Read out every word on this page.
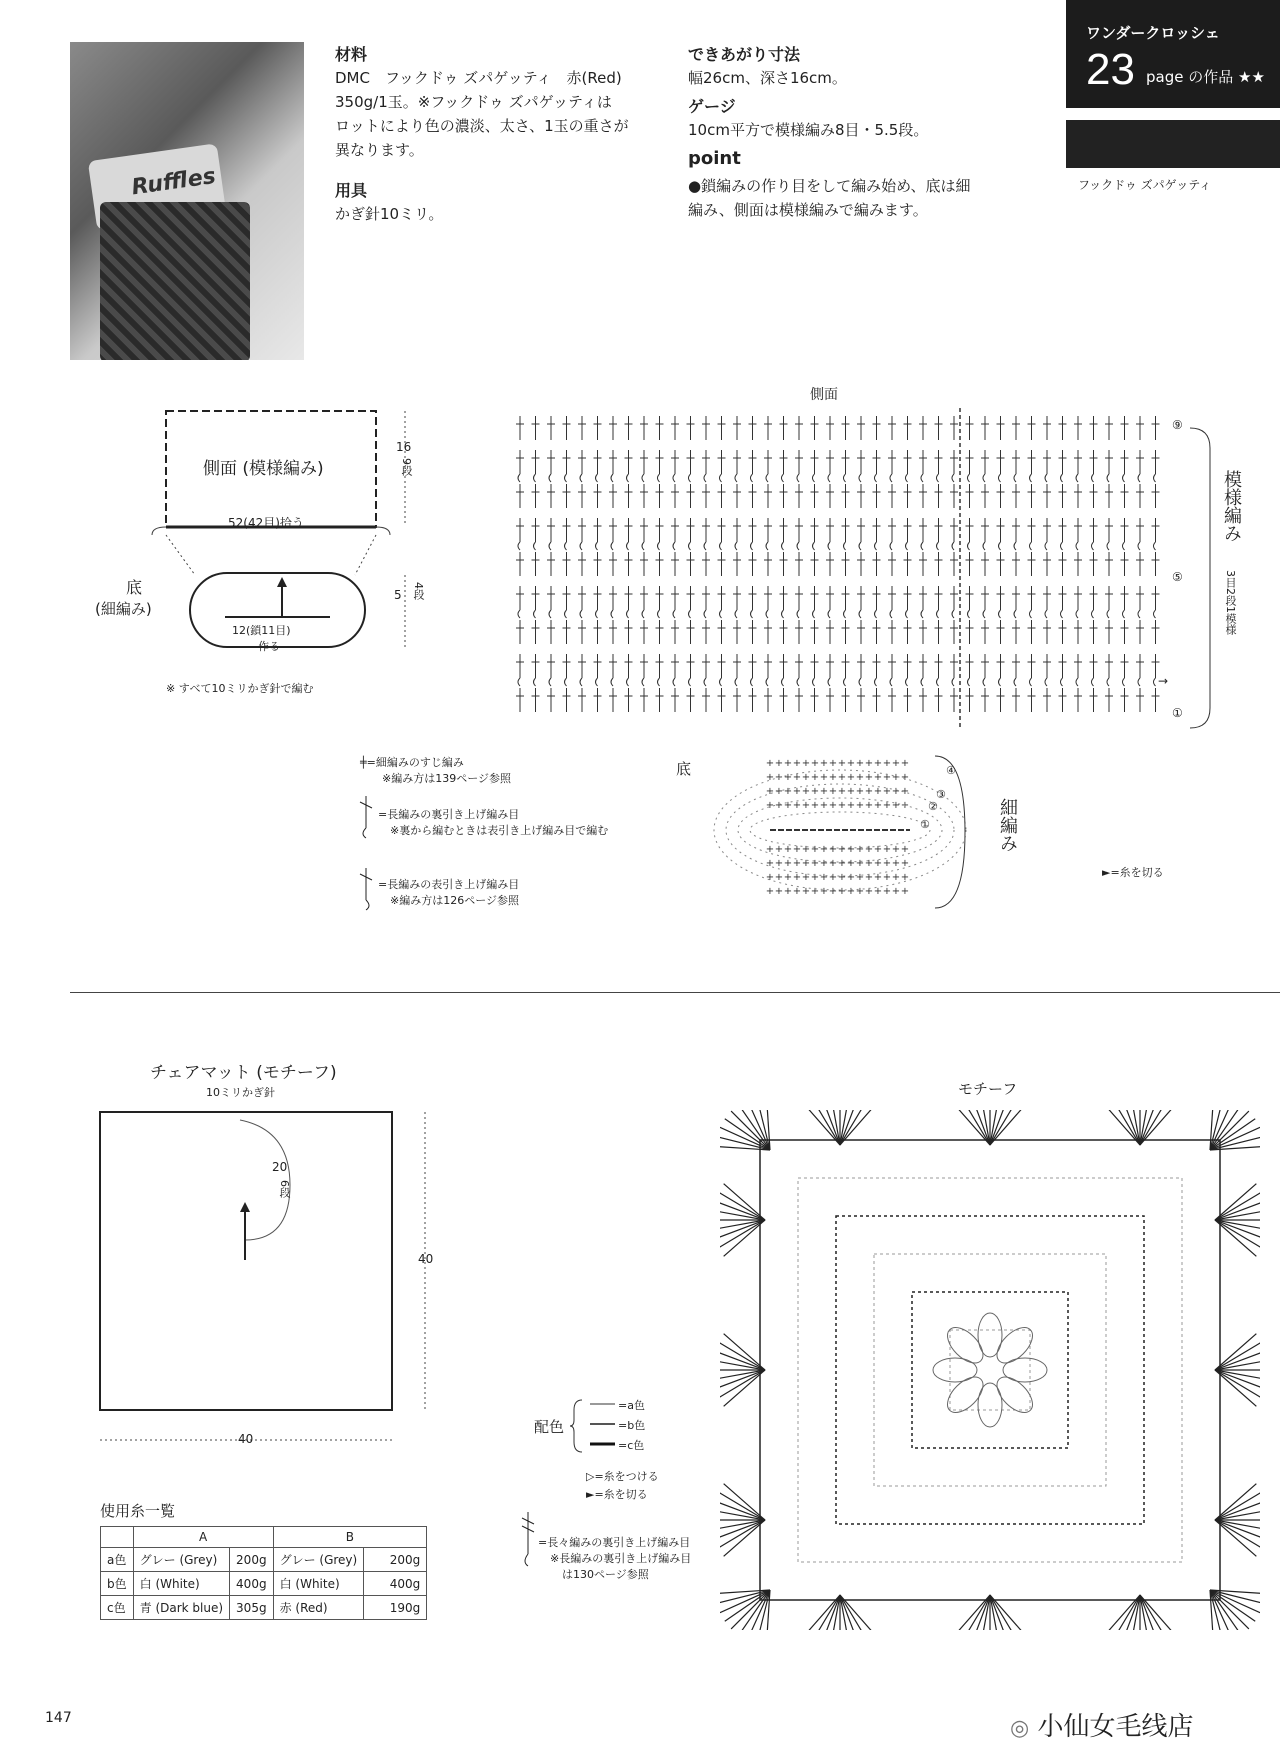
Ruffles
材料
DMC　フックドゥ ズパゲッティ　赤(Red)
350g/1玉。※フックドゥ ズパゲッティは
ロットにより色の濃淡、太さ、1玉の重さが
異なります。
用具
かぎ針10ミリ。
できあがり寸法
幅26cm、深さ16cm。
ゲージ
10cm平方で模様編み8目・5.5段。
point
●鎖編みの作り目をして編み始め、底は細
編み、側面は模様編みで編みます。
ワンダークロッシェ
23 page の作品 ★★
フックドゥ ズパゲッティ
側面 (模様編み)
52(42目)拾う
16
9段
底
(細編み)
12(鎖11目)
作る
5 4段
※ すべて10ミリかぎ針で編む
側面
⑨
⑤
①
→
模様編み
3目2段1模様
╪=細編みのすじ編み
※編み方は139ページ参照
=長編みの裏引き上げ編み目
※裏から編むときは表引き上げ編み目で編む
=長編みの表引き上げ編み目
※編み方は126ページ参照
底
+
+
+
+
+
+
+
+
+
+
+
+
+
+
+
+
+
+
+
+
+
+
+
+
+
+
+
+
+
+
+
+
+
+
+
+
+
+
+
+
+
+
+
+
+
+
+
+
+
+
+
+
+
+
+
+
+
+
+
+
+
+
+
+
+
+
+
+
+
+
+
+
+
+
+
+
+
+
+
+
+
+
+
+
+
+
+
+
+
+
+
+
+
+
+
+
+
+
+
+
+
+
+
+
+
+
+
+
+
+
+
+
+
+
+
+
+
+
+
+
+
+
+
+
+
+
+
+
①
②
③
④
細編み
►=糸を切る
チェアマット (モチーフ)
10ミリかぎ針
20
6段
40
40
モチーフ
配色
=a色
=b色
=c色
▷=糸をつける
►=糸を切る
=長々編みの裏引き上げ編み目
※長編みの裏引き上げ編み目
は130ページ参照
使用糸一覧
	A		B	
a色	グレー (Grey)	200g	グレー (Grey)	200g
b色	白 (White)	400g	白 (White)	400g
c色	青 (Dark blue)	305g	赤 (Red)	190g
147	◎ 小仙女毛线店
